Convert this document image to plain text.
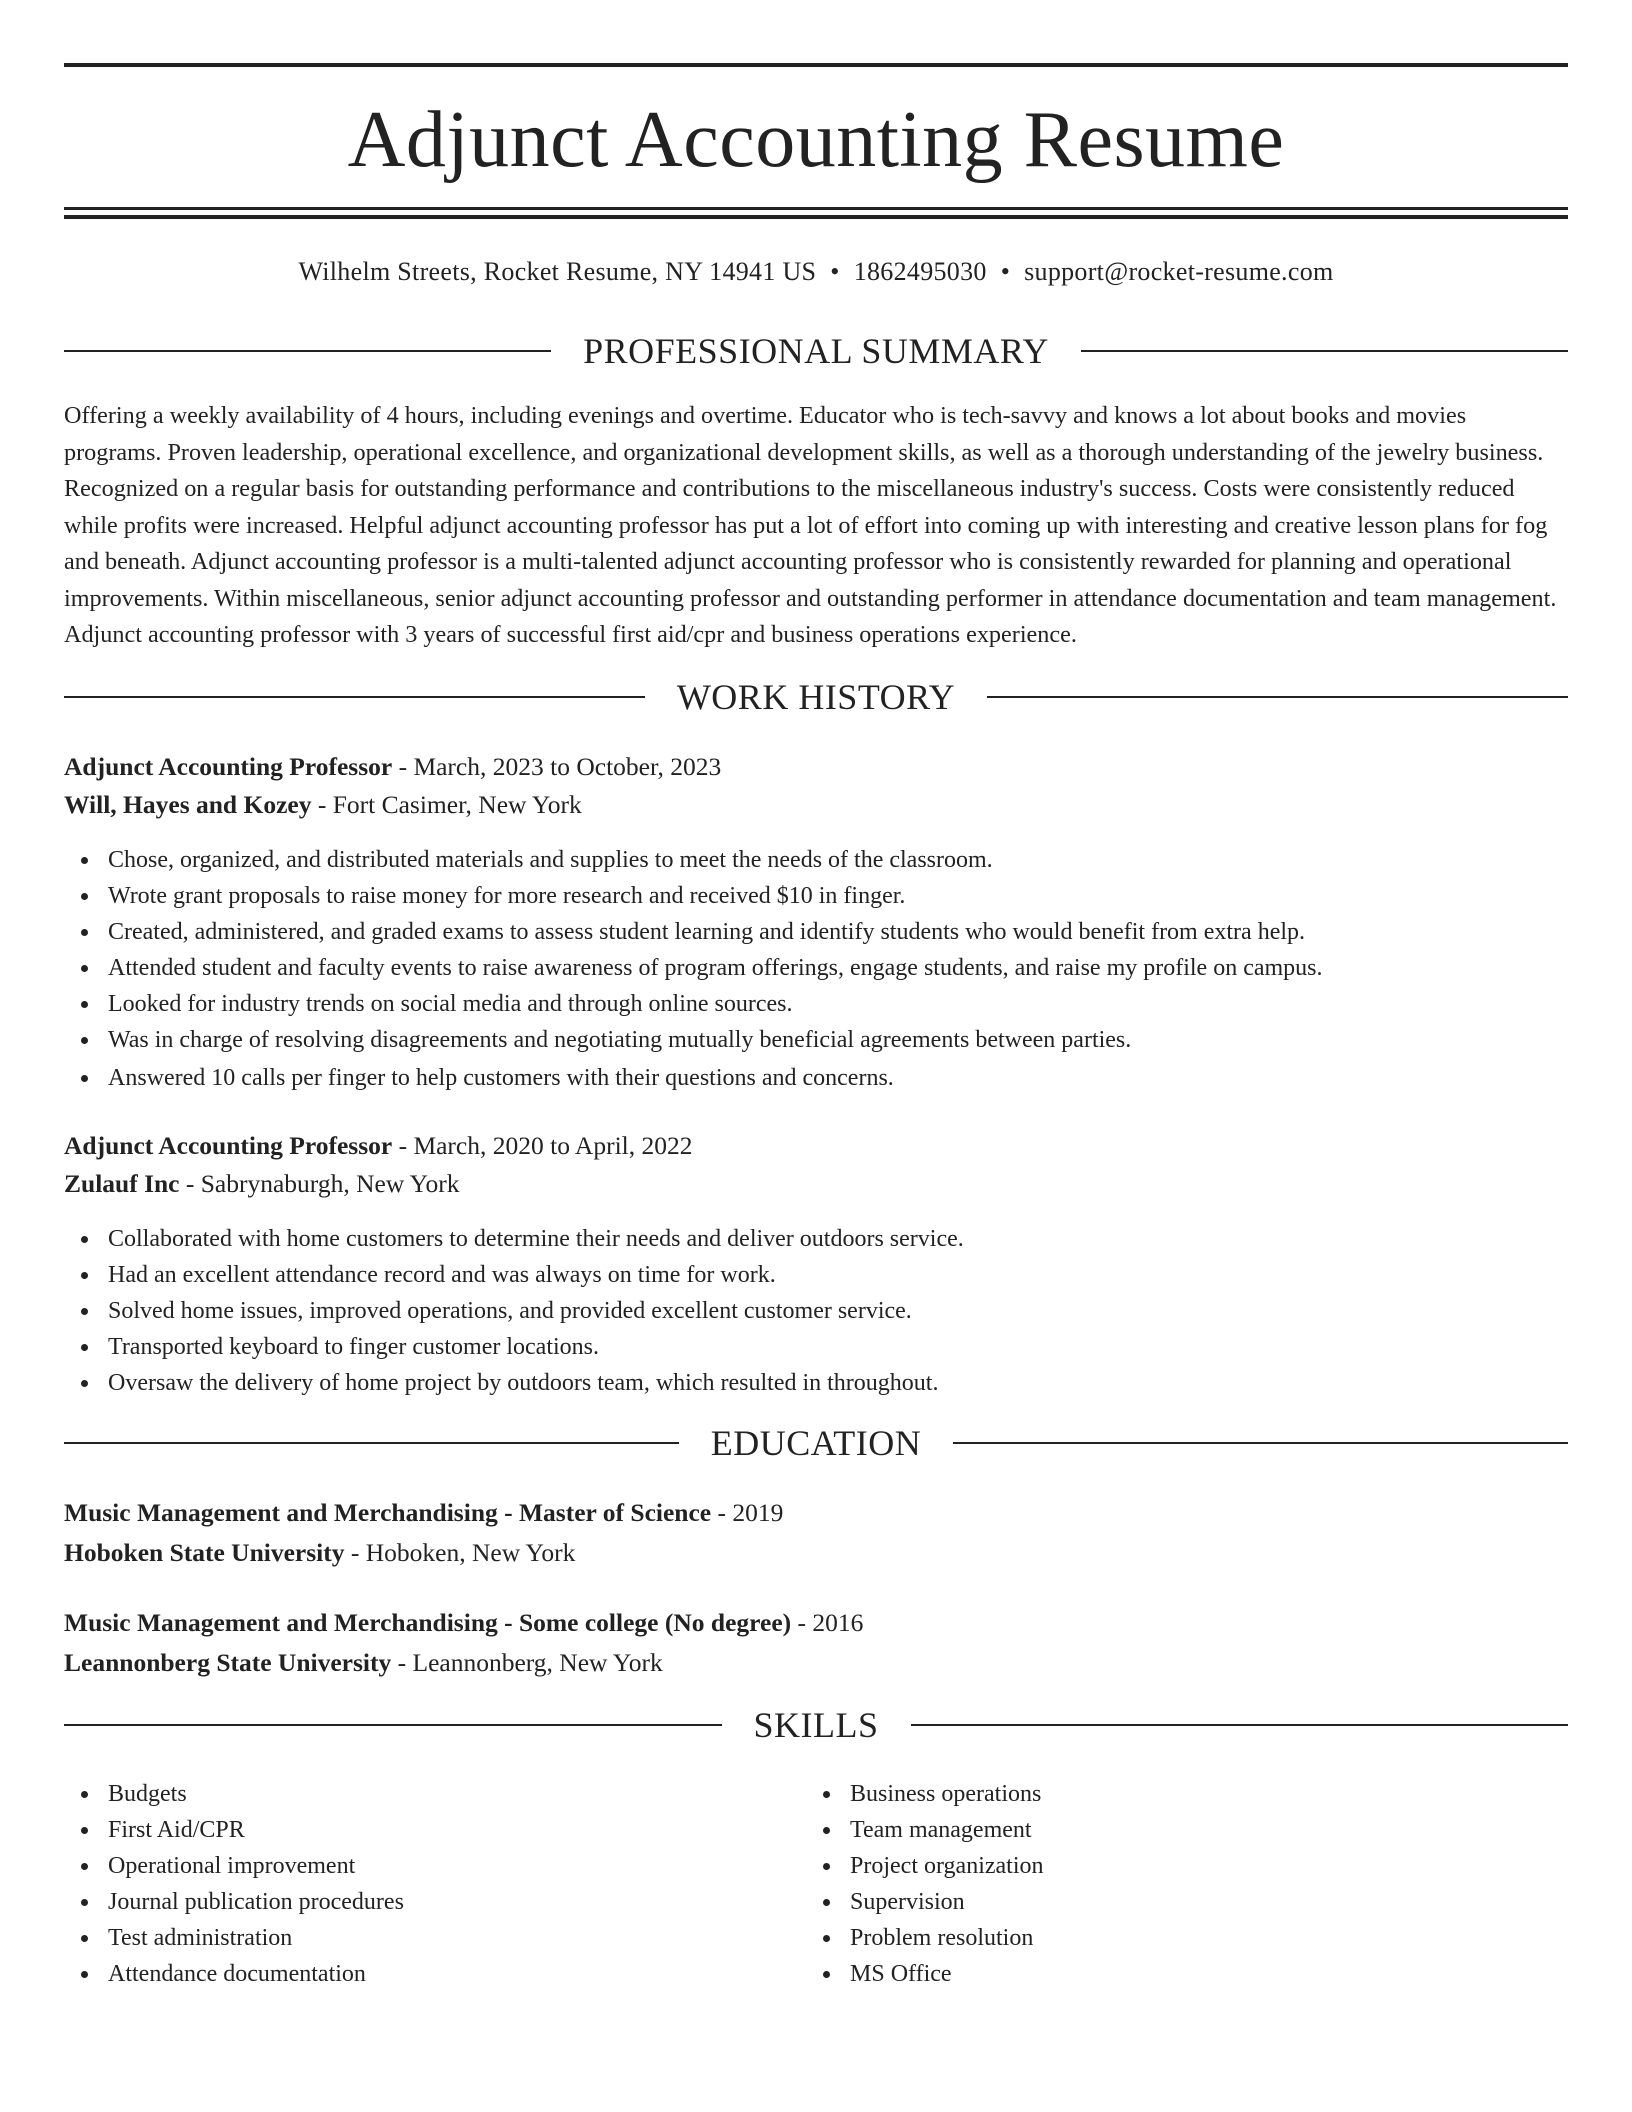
Adjunct Accounting Resume
Wilhelm Streets, Rocket Resume, NY 14941 US • 1862495030 • support@rocket-resume.com
PROFESSIONAL SUMMARY

Offering a weekly availability of 4 hours, including evenings and overtime. Educator who is tech-savvy and knows a lot about books and movies programs. Proven leadership, operational excellence, and organizational development skills, as well as a thorough understanding of the jewelry business. Recognized on a regular basis for outstanding performance and contributions to the miscellaneous industry's success. Costs were consistently reduced while profits were increased. Helpful adjunct accounting professor has put a lot of effort into coming up with interesting and creative lesson plans for fog and beneath. Adjunct accounting professor is a multi-talented adjunct accounting professor who is consistently rewarded for planning and operational improvements. Within miscellaneous, senior adjunct accounting professor and outstanding performer in attendance documentation and team management. Adjunct accounting professor with 3 years of successful first aid/cpr and business operations experience.

WORK HISTORY
Adjunct Accounting Professor - March, 2023 to October, 2023
Will, Hayes and Kozey - Fort Casimer, New York
Chose, organized, and distributed materials and supplies to meet the needs of the classroom.
Wrote grant proposals to raise money for more research and received $10 in finger.
Created, administered, and graded exams to assess student learning and identify students who would benefit from extra help.
Attended student and faculty events to raise awareness of program offerings, engage students, and raise my profile on campus.
Looked for industry trends on social media and through online sources.
Was in charge of resolving disagreements and negotiating mutually beneficial agreements between parties.
Answered 10 calls per finger to help customers with their questions and concerns.
Adjunct Accounting Professor - March, 2020 to April, 2022
Zulauf Inc - Sabrynaburgh, New York
Collaborated with home customers to determine their needs and deliver outdoors service.
Had an excellent attendance record and was always on time for work.
Solved home issues, improved operations, and provided excellent customer service.
Transported keyboard to finger customer locations.
Oversaw the delivery of home project by outdoors team, which resulted in throughout.
EDUCATION
Music Management and Merchandising - Master of Science - 2019
Hoboken State University - Hoboken, New York
Music Management and Merchandising - Some college (No degree) - 2016
Leannonberg State University - Leannonberg, New York
SKILLS
Budgets
First Aid/CPR
Operational improvement
Journal publication procedures
Test administration
Attendance documentation
Business operations
Team management
Project organization
Supervision
Problem resolution
MS Office
